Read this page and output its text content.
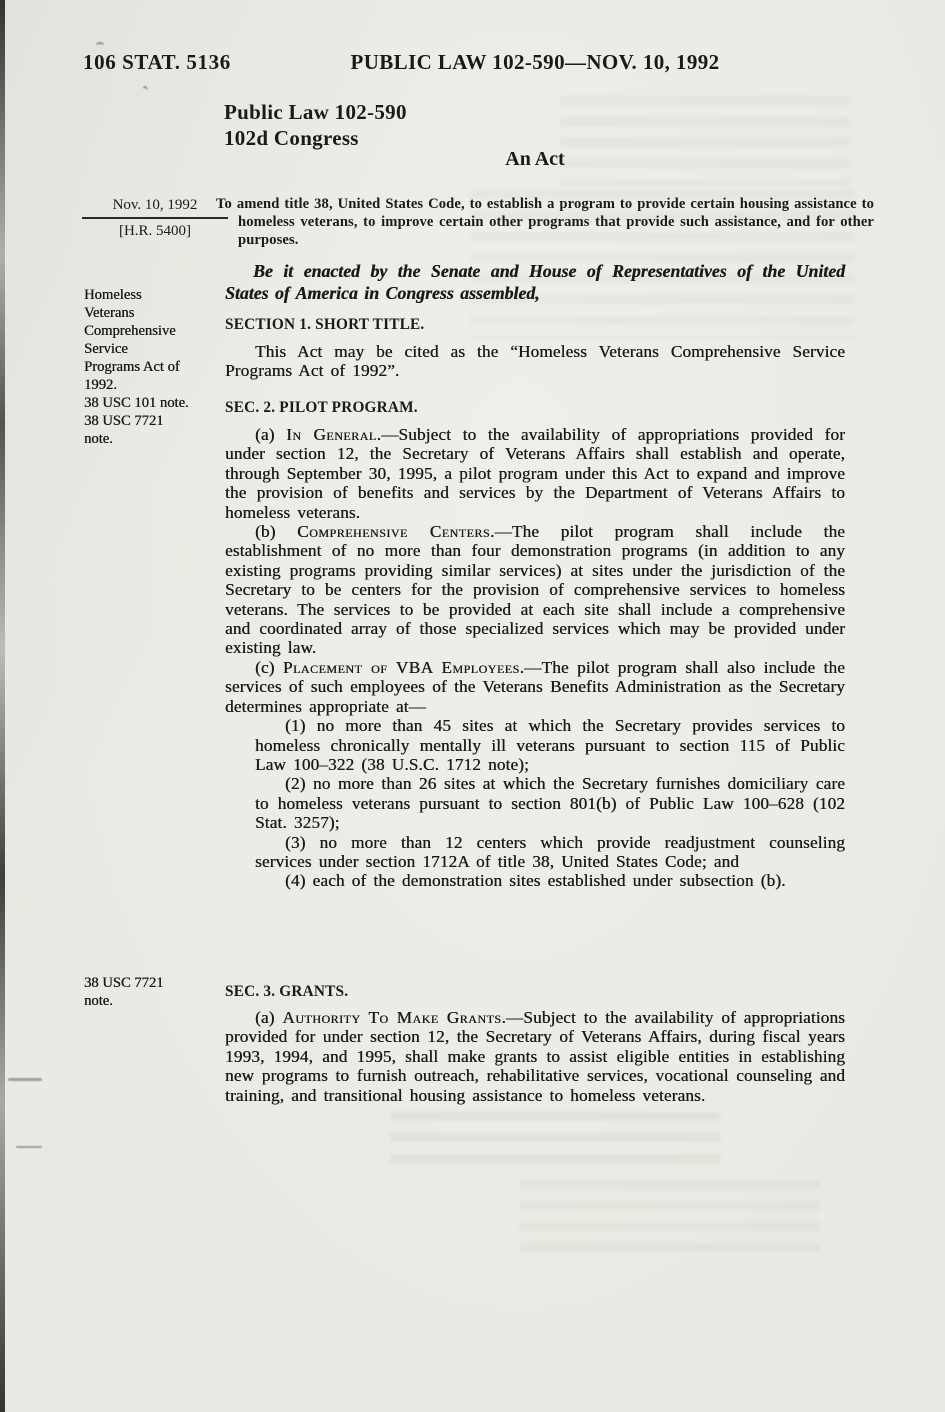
106 STAT. 5136	PUBLIC LAW 102-590—NOV. 10, 1992
Public Law 102-590
102d Congress
An Act
Nov. 10, 1992
[H.R. 5400]
To amend title 38, United States Code, to establish a program to provide certain housing assistance to homeless veterans, to improve certain other programs that provide such assistance, and for other purposes.
Be it enacted by the Senate and House of Representatives of the United States of America in Congress assembled,
Homeless
Veterans
Comprehensive
Service
Programs Act of
1992.
38 USC 101 note.
38 USC 7721
note.
SECTION 1. SHORT TITLE.

This Act may be cited as the “Homeless Veterans Comprehensive Service Programs Act of 1992”.

SEC. 2. PILOT PROGRAM.

(a) In General.—Subject to the availability of appropriations provided for under section 12, the Secretary of Veterans Affairs shall establish and operate, through September 30, 1995, a pilot program under this Act to expand and improve the provision of benefits and services by the Department of Veterans Affairs to homeless veterans.

(b) Comprehensive Centers.—The pilot program shall include the establishment of no more than four demonstration programs (in addition to any existing programs providing similar services) at sites under the jurisdiction of the Secretary to be centers for the provision of comprehensive services to homeless veterans. The services to be provided at each site shall include a comprehensive and coordinated array of those specialized services which may be provided under existing law.

(c) Placement of VBA Employees.—The pilot program shall also include the services of such employees of the Veterans Benefits Administration as the Secretary determines appropriate at—

(1) no more than 45 sites at which the Secretary provides services to homeless chronically mentally ill veterans pursuant to section 115 of Public Law 100–322 (38 U.S.C. 1712 note);

(2) no more than 26 sites at which the Secretary furnishes domiciliary care to homeless veterans pursuant to section 801(b) of Public Law 100–628 (102 Stat. 3257);

(3) no more than 12 centers which provide readjustment counseling services under section 1712A of title 38, United States Code; and

(4) each of the demonstration sites established under subsection (b).

38 USC 7721
note.
SEC. 3. GRANTS.

(a) Authority To Make Grants.—Subject to the availability of appropriations provided for under section 12, the Secretary of Veterans Affairs, during fiscal years 1993, 1994, and 1995, shall make grants to assist eligible entities in establishing new programs to furnish outreach, rehabilitative services, vocational counseling and training, and transitional housing assistance to homeless veterans.
